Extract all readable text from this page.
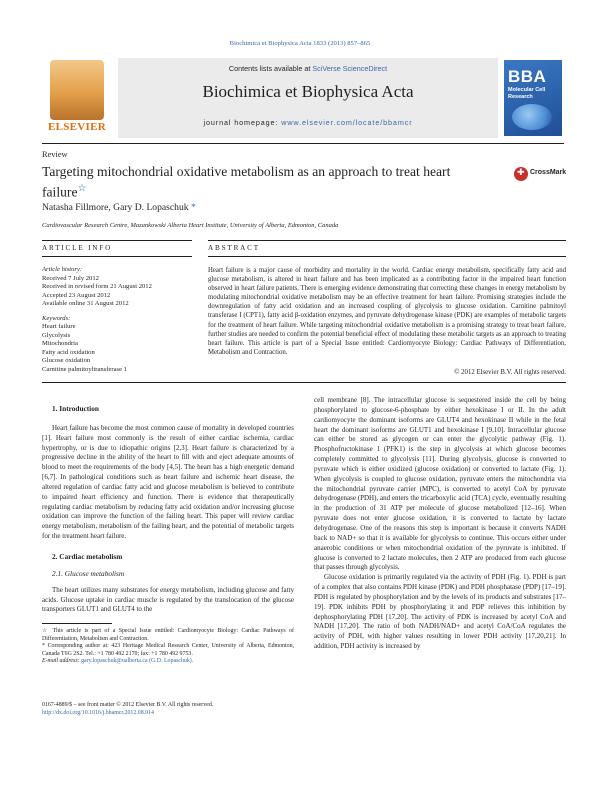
Biochimica et Biophysica Acta 1833 (2013) 857–865
ELSEVIER
Contents lists available at SciVerse ScienceDirect
Biochimica et Biophysica Acta
journal homepage: www.elsevier.com/locate/bbamcr
BBA
Molecular Cell Research
Review
Targeting mitochondrial oxidative metabolism as an approach to treat heart failure☆
✚
CrossMark
Natasha Fillmore, Gary D. Lopaschuk *
Cardiovascular Research Centre, Mazankowski Alberta Heart Institute, University of Alberta, Edmonton, Canada
ARTICLE INFO	ABSTRACT
Article history:
Received 7 July 2012
Received in revised form 21 August 2012
Accepted 23 August 2012
Available online 31 August 2012
Keywords:
Heart failure
Glycolysis
Mitochondria
Fatty acid oxidation
Glucose oxidation
Carnitine palmitoyltransferase 1
Heart failure is a major cause of morbidity and mortality in the world. Cardiac energy metabolism, specifically fatty acid and glucose metabolism, is altered in heart failure and has been implicated as a contributing factor in the impaired heart function observed in heart failure patients. There is emerging evidence demonstrating that correcting these changes in energy metabolism by modulating mitochondrial oxidative metabolism may be an effective treatment for heart failure. Promising strategies include the downregulation of fatty acid oxidation and an increased coupling of glycolysis to glucose oxidation. Carnitine palmitoyl transferase I (CPT1), fatty acid β-oxidation enzymes, and pyruvate dehydrogenase kinase (PDK) are examples of metabolic targets for the treatment of heart failure. While targeting mitochondrial oxidative metabolism is a promising strategy to treat heart failure, further studies are needed to confirm the potential beneficial effect of modulating these metabolic targets as an approach to treating heart failure. This article is part of a Special Issue entitled: Cardiomyocyte Biology: Cardiac Pathways of Differentiation, Metabolism and Contraction.
© 2012 Elsevier B.V. All rights reserved.

1. Introduction

Heart failure has become the most common cause of mortality in developed countries [1]. Heart failure most commonly is the result of either cardiac ischemia, cardiac hypertrophy, or is due to idiopathic origins [2,3]. Heart failure is characterized by a progressive decline in the ability of the heart to fill with and eject adequate amounts of blood to meet the requirements of the body [4,5]. The heart has a high energetic demand [6,7]. In pathological conditions such as heart failure and ischemic heart disease, the altered regulation of cardiac fatty acid and glucose metabolism is believed to contribute to impaired heart efficiency and function. There is evidence that therapeutically regulating cardiac metabolism by reducing fatty acid oxidation and/or increasing glucose oxidation can improve the function of the failing heart. This paper will review cardiac energy metabolism, metabolism of the failing heart, and the potential of metabolic targets for the treatment heart failure.

2. Cardiac metabolism

2.1. Glucose metabolism

The heart utilizes many substrates for energy metabolism, including glucose and fatty acids. Glucose uptake in cardiac muscle is regulated by the translocation of the glucose transporters GLUT1 and GLUT4 to the

cell membrane [8]. The intracellular glucose is sequestered inside the cell by being phosphorylated to glucose-6-phosphate by either hexokinase I or II. In the adult cardiomyocyte the dominant isoforms are GLUT4 and hexokinase II while in the fetal heart the dominant isoforms are GLUT1 and hexokinase I [9,10]. Intracellular glucose can either be stored as glycogen or can enter the glycolytic pathway (Fig. 1). Phosphofructokinase 1 (PFK1) is the step in glycolysis at which glucose becomes completely committed to glycolysis [11]. During glycolysis, glucose is converted to pyruvate which is either oxidized (glucose oxidation) or converted to lactate (Fig. 1). When glycolysis is coupled to glucose oxidation, pyruvate enters the mitochondria via the mitochondrial pyruvate carrier (MPC), is converted to acetyl CoA by pyruvate dehydrogenase (PDH), and enters the tricarboxylic acid (TCA) cycle, eventually resulting in the production of 31 ATP per molecule of glucose metabolized [12–16]. When pyruvate does not enter glucose oxidation, it is converted to lactate by lactate dehydrogenase. One of the reasons this step is important is because it converts NADH back to NAD+ so that it is available for glycolysis to continue. This occurs either under anaerobic conditions or when mitochondrial oxidation of the pyruvate is inhibited. If glucose is converted to 2 lactate molecules, then 2 ATP are produced from each glucose that passes through glycolysis.

Glucose oxidation is primarily regulated via the activity of PDH (Fig. 1). PDH is part of a complex that also contains PDH kinase (PDK) and PDH phosphatase (PDP) [17–19]. PDH is regulated by phosphorylation and by the levels of its products and substrates [17–19]. PDK inhibits PDH by phosphorylating it and PDP relieves this inhibition by dephosphorylating PDH [17,20]. The activity of PDK is increased by acetyl CoA and NADH [17,20]. The ratio of both NADH/NAD+ and acetyl CoA/CoA regulates the activity of PDH, with higher values resulting in lower PDH activity [17,20,21]. In addition, PDH activity is increased by

☆ This article is part of a Special Issue entitled: Cardiomyocyte Biology: Cardiac Pathways of Differentiation, Metabolism and Contraction.

* Corresponding author at: 423 Heritage Medical Research Center, University of Alberta, Edmonton, Canada T6G 2S2. Tel.: +1 780 492 2170; fax: +1 780 492 9753.

E-mail address: gary.lopaschuk@ualberta.ca (G.D. Lopaschuk).

0167-4889/$ – see front matter © 2012 Elsevier B.V. All rights reserved.
http://dx.doi.org/10.1016/j.bbamcr.2012.08.014
